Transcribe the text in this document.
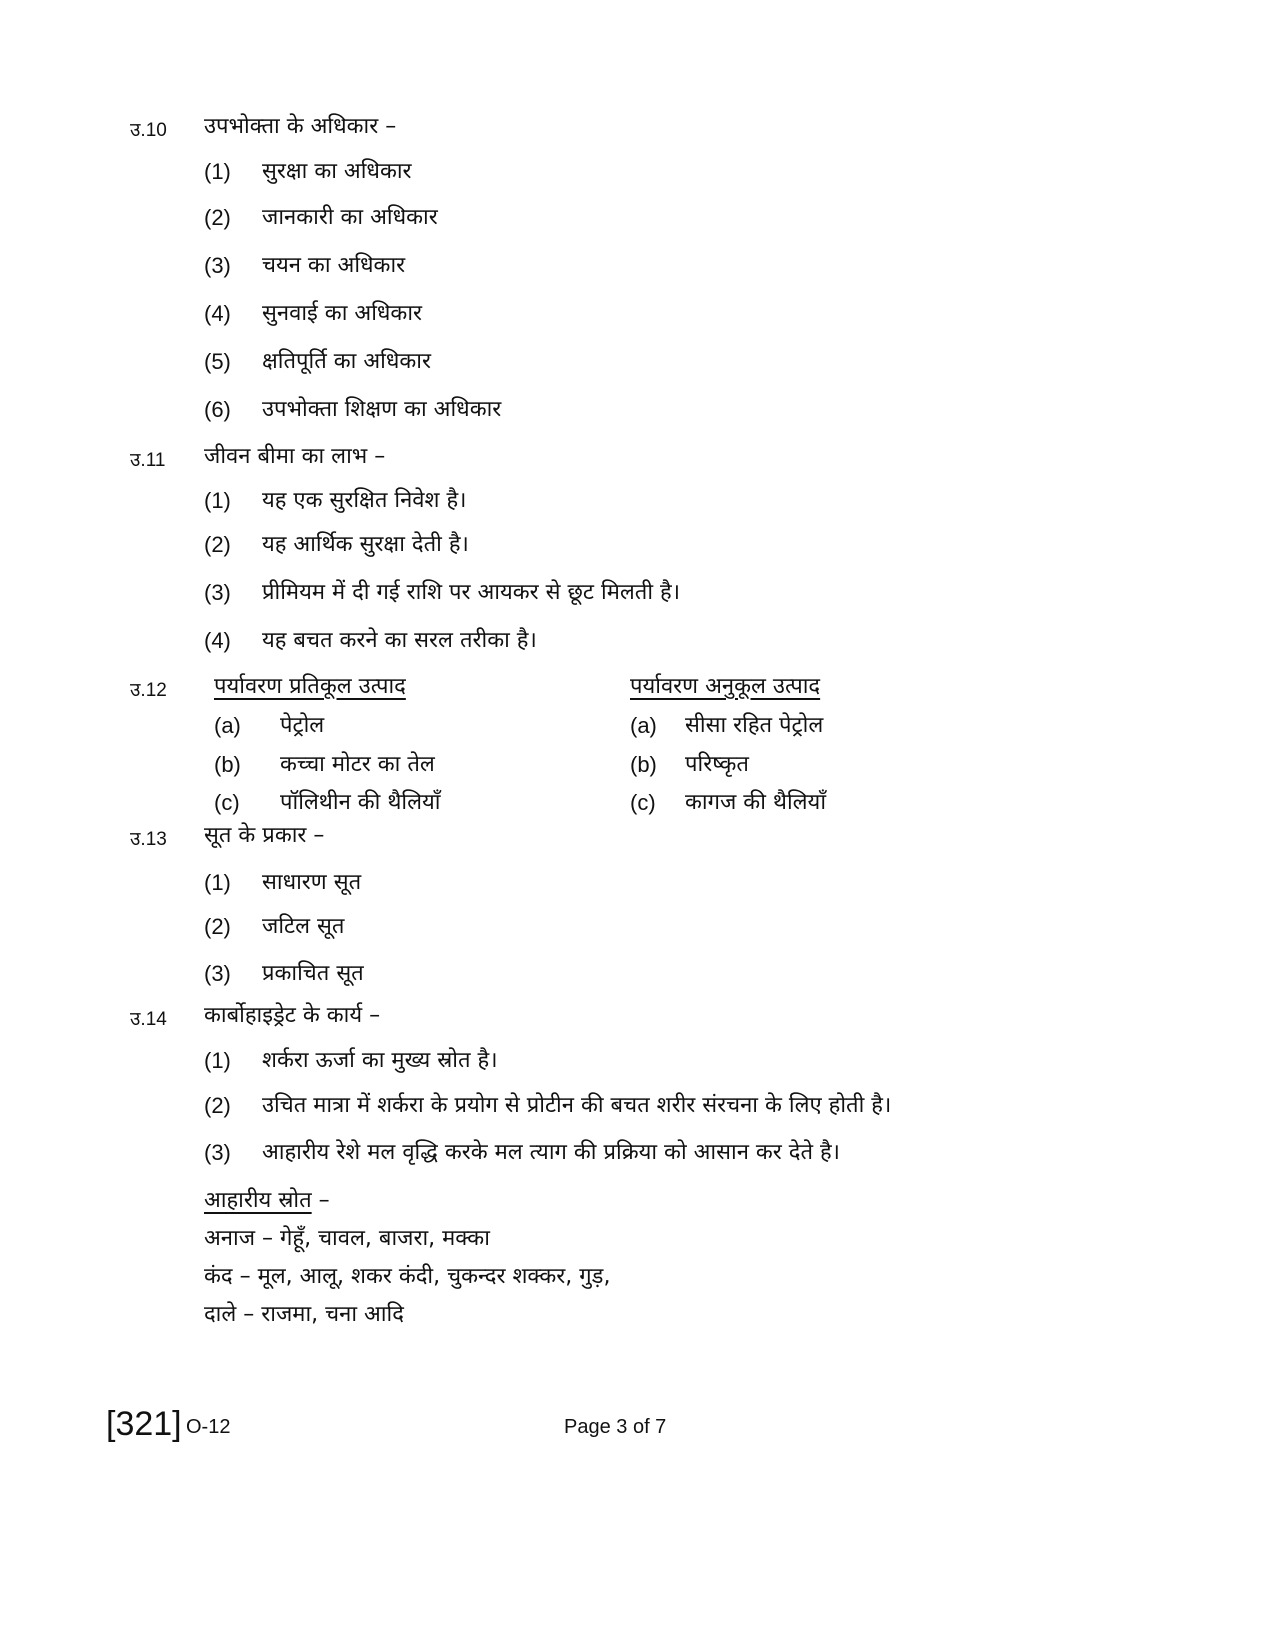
उ.10 उपभोक्ता के अधिकार –
(1) सुरक्षा का अधिकार
(2) जानकारी का अधिकार
(3) चयन का अधिकार
(4) सुनवाई का अधिकार
(5) क्षतिपूर्ति का अधिकार
(6) उपभोक्ता शिक्षण का अधिकार
उ.11 जीवन बीमा का लाभ –
(1) यह एक सुरक्षित निवेश है।
(2) यह आर्थिक सुरक्षा देती है।
(3) प्रीमियम में दी गई राशि पर आयकर से छूट मिलती है।
(4) यह बचत करने का सरल तरीका है।
उ.12 पर्यावरण प्रतिकूल उत्पाद	पर्यावरण अनुकूल उत्पाद
(a) पेट्रोल
(b) कच्चा मोटर का तेल
(c) पॉलिथीन की थैलियाँ
(a) सीसा रहित पेट्रोल
(b) परिष्कृत
(c) कागज की थैलियाँ
उ.13 सूत के प्रकार –
(1) साधारण सूत
(2) जटिल सूत
(3) प्रकाचित सूत
उ.14 कार्बोहाइड्रेट के कार्य –
(1) शर्करा ऊर्जा का मुख्य स्रोत है।
(2) उचित मात्रा में शर्करा के प्रयोग से प्रोटीन की बचत शरीर संरचना के लिए होती है।
(3) आहारीय रेशे मल वृद्धि करके मल त्याग की प्रक्रिया को आसान कर देते है।
आहारीय स्रोत –
अनाज – गेहूँ, चावल, बाजरा, मक्का
कंद – मूल, आलू, शकर कंदी, चुकन्दर शक्कर, गुड़,
दाले – राजमा, चना आदि
[321] O-12	Page 3 of 7
